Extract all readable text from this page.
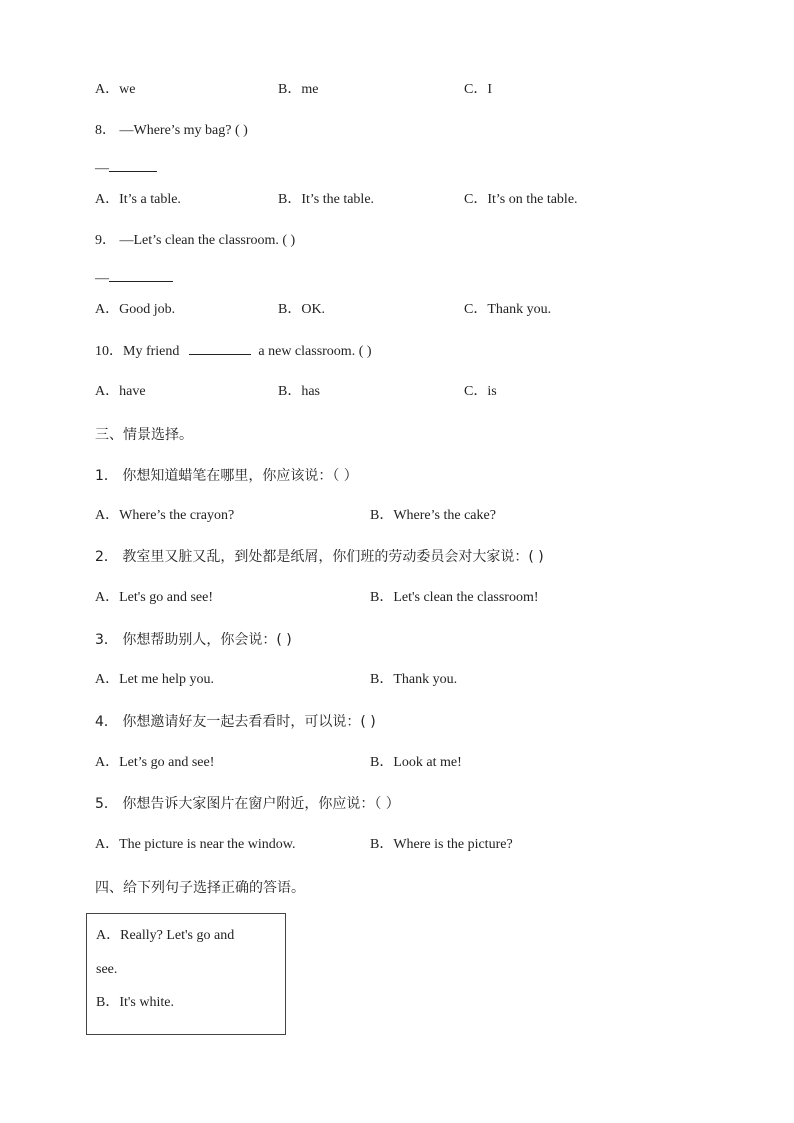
A．we	B．me	C．I
8． —Where’s my bag? ( )
—
A．It’s a table.	B．It’s the table.	C．It’s on the table.
9． —Let’s clean the classroom. ( )
—
A．Good job.	B．OK.	C．Thank you.
10．My friend	a new classroom. ( )
A．have	B．has	C．is
三、情景选择。
1． 你想知道蜡笔在哪里，你应该说：（ ）
A．Where’s the crayon?	B．Where’s the cake?
2． 教室里又脏又乱，到处都是纸屑，你们班的劳动委员会对大家说：( )
A．Let's go and see!	B．Let's clean the classroom!
3． 你想帮助别人，你会说：( )
A．Let me help you.	B．Thank you.
4． 你想邀请好友一起去看看时，可以说：( )
A．Let’s go and see!	B．Look at me!
5． 你想告诉大家图片在窗户附近，你应说：（ ）
A．The picture is near the window.	B．Where is the picture?
四、给下列句子选择正确的答语。
A．Really? Let's go and
see.
B．It's white.
